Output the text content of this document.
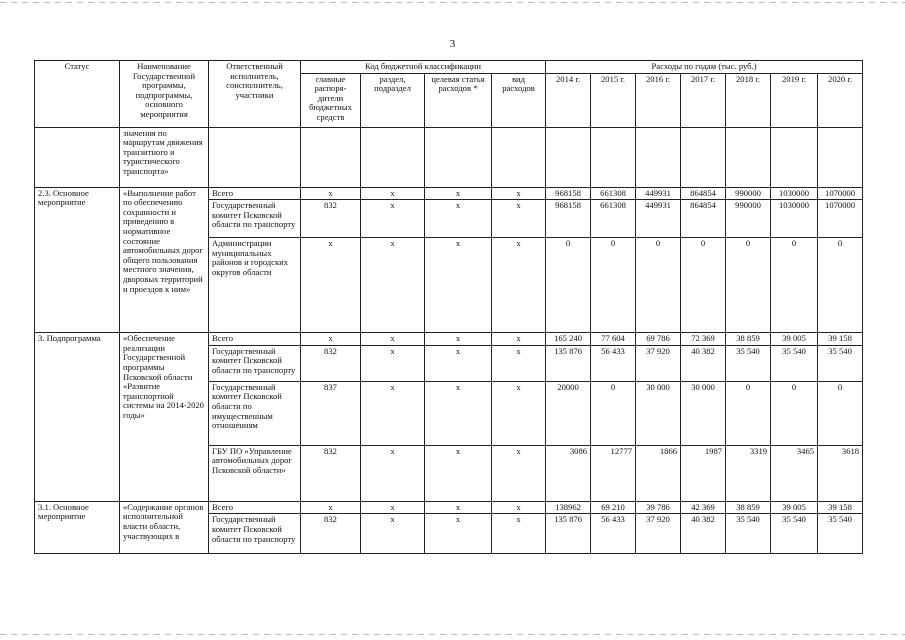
3
Статус	Наименование Государственной программы, подпрограммы, основного мероприятия	Ответственный исполнитель, соисполнитель, участники	Код бюджетной классификации				Расходы по годам (тыс. руб.)						
			главные распоря-дители бюджетных средств	раздел, подраздел	целевая статья расходов *	вид расходов	2014 г.	2015 г.	2016 г.	2017 г.	2018 г.	2019 г.	2020 г.
	значения по маршрутам движения транзитного и туристического транспорта»												
2.3. Основное мероприятие	«Выполнение работ по обеспечению сохранности и приведению в нормативное состояние автомобильных дорог общего пользования местного значения, дворовых территорий и проездов к ним»	Всего	х	х	х	х	968158	661308	449931	864854	990000	1030000	1070000
		Государственный комитет Псковской области по транспорту	832	х	х	х	968158	661308	449931	864854	990000	1030000	1070000
		Администрации муниципальных районов и городских округов области	х	х	х	х	0	0	0	0	0	0	0
3. Подпрограмма	«Обеспечение реализации Государственной программы Псковской области «Развитие транспортной системы на 2014-2020 годы»	Всего	х	х	х	х	165 240	77 604	69 786	72 369	38 859	39 005	39 158
		Государственный комитет Псковской области по транспорту	832	х	х	х	135 876	56 433	37 920	40 382	35 540	35 540	35 540
		Государственный комитет Псковской области по имущественным отношениям	837	х	х	х	20000	0	30 000	30 000	0	0	0
		ГБУ ПО «Управление автомобильных дорог Псковской области»	832	х	х	х	3086	12777	1866	1987	3319	3465	3618
3.1. Основное мероприятие	«Содержание органов исполнительной власти области, участвующих в	Всего	х	х	х	х	138962	69 210	39 786	42 369	38 859	39 005	39 158
		Государственный комитет Псковской области по транспорту	832	х	х	х	135 876	56 433	37 920	40 382	35 540	35 540	35 540
